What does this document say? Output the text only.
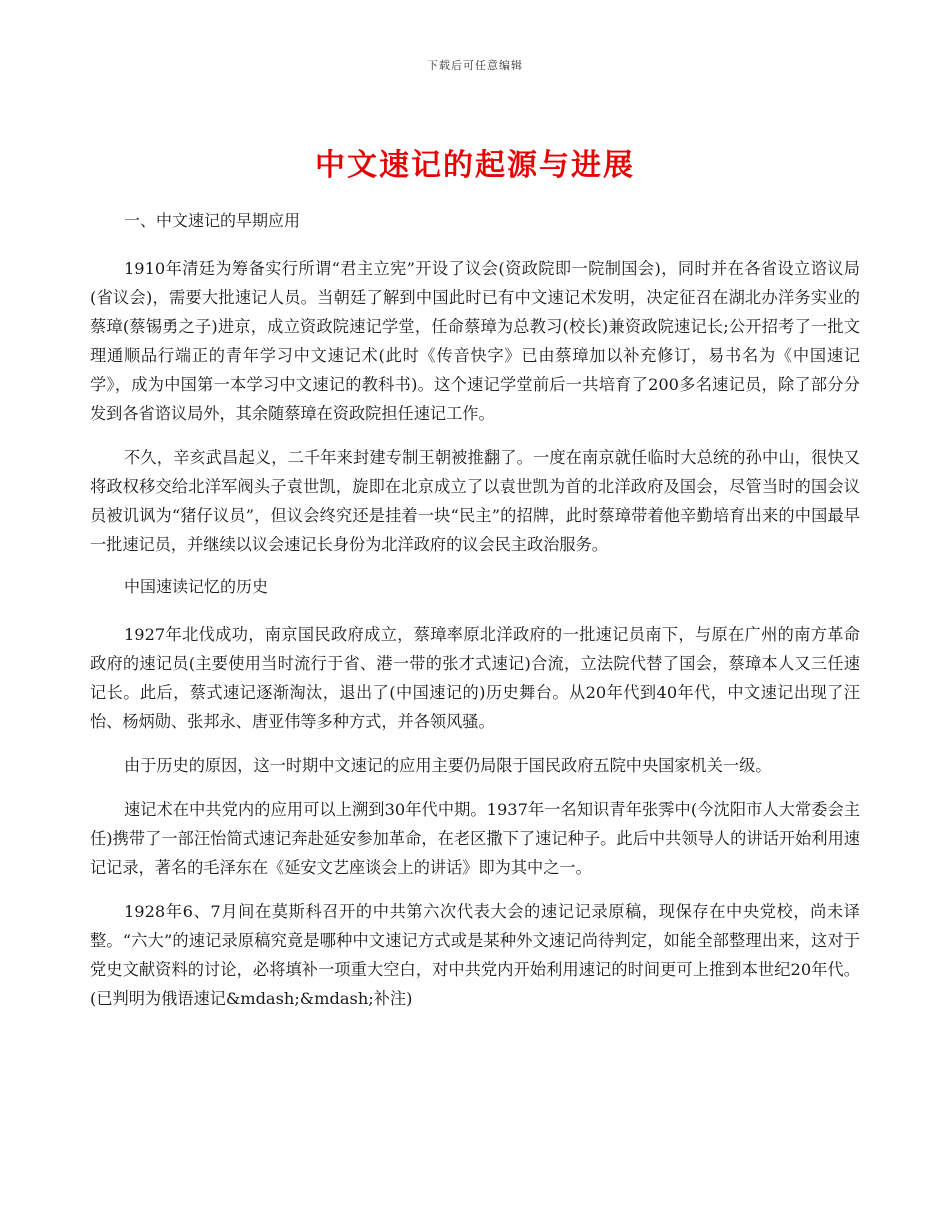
下载后可任意编辑
中文速记的起源与进展

一、中文速记的早期应用

1910年清廷为筹备实行所谓“君主立宪”开设了议会(资政院即一院制国会)，同时并在各省设立谘议局(省议会)，需要大批速记人员。当朝廷了解到中国此时已有中文速记术发明，决定征召在湖北办洋务实业的蔡璋(蔡锡勇之子)进京，成立资政院速记学堂，任命蔡璋为总教习(校长)兼资政院速记长;公开招考了一批文理通顺品行端正的青年学习中文速记术(此时《传音快字》已由蔡璋加以补充修订，易书名为《中国速记学》，成为中国第一本学习中文速记的教科书)。这个速记学堂前后一共培育了200多名速记员，除了部分分发到各省谘议局外，其余随蔡璋在资政院担任速记工作。

不久，辛亥武昌起义，二千年来封建专制王朝被推翻了。一度在南京就任临时大总统的孙中山，很快又将政权移交给北洋军阀头子袁世凯，旋即在北京成立了以袁世凯为首的北洋政府及国会，尽管当时的国会议员被讥讽为“猪仔议员”，但议会终究还是挂着一块“民主”的招牌，此时蔡璋带着他辛勤培育出来的中国最早一批速记员，并继续以议会速记长身份为北洋政府的议会民主政治服务。

中国速读记忆的历史

1927年北伐成功，南京国民政府成立，蔡璋率原北洋政府的一批速记员南下，与原在广州的南方革命政府的速记员(主要使用当时流行于省、港一带的张才式速记)合流，立法院代替了国会，蔡璋本人又三任速记长。此后，蔡式速记逐渐淘汰，退出了(中国速记的)历史舞台。从20年代到40年代，中文速记出现了汪怡、杨炳勋、张邦永、唐亚伟等多种方式，并各领风骚。

由于历史的原因，这一时期中文速记的应用主要仍局限于国民政府五院中央国家机关一级。

速记术在中共党内的应用可以上溯到30年代中期。1937年一名知识青年张霁中(今沈阳市人大常委会主任)携带了一部汪怡简式速记奔赴延安参加革命，在老区撒下了速记种子。此后中共领导人的讲话开始利用速记记录，著名的毛泽东在《延安文艺座谈会上的讲话》即为其中之一。

1928年6、7月间在莫斯科召开的中共第六次代表大会的速记记录原稿，现保存在中央党校，尚未译整。“六大”的速记录原稿究竟是哪种中文速记方式或是某种外文速记尚待判定，如能全部整理出来，这对于党史文献资料的讨论，必将填补一项重大空白，对中共党内开始利用速记的时间更可上推到本世纪20年代。(已判明为俄语速记&mdash;&mdash;补注)
